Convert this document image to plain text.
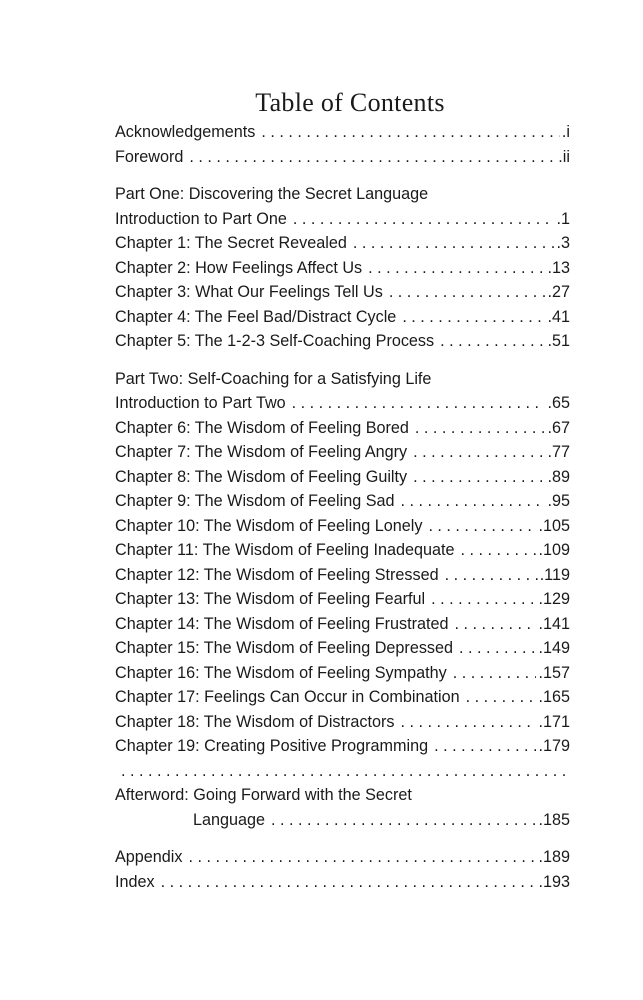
Table of Contents
Acknowledgements . . .	.i
Foreword . . .	.ii
Part One: Discovering the Secret Language
Introduction to Part One . . .	.1
Chapter 1: The Secret Revealed . . .	.3
Chapter 2: How Feelings Affect Us . . .	.13
Chapter 3: What Our Feelings Tell Us . . .	.27
Chapter 4: The Feel Bad/Distract Cycle . . .	.41
Chapter 5: The 1-2-3 Self-Coaching Process . . .	.51
Part Two: Self-Coaching for a Satisfying Life
Introduction to Part Two . . .	.65
Chapter 6: The Wisdom of Feeling Bored . . .	.67
Chapter 7: The Wisdom of Feeling Angry . . .	.77
Chapter 8: The Wisdom of Feeling Guilty . . .	.89
Chapter 9: The Wisdom of Feeling Sad . . .	.95
Chapter 10: The Wisdom of Feeling Lonely . . .	.105
Chapter 11: The Wisdom of Feeling Inadequate . . .	.109
Chapter 12: The Wisdom of Feeling Stressed . . .	.119
Chapter 13: The Wisdom of Feeling Fearful . . .	.129
Chapter 14: The Wisdom of Feeling Frustrated . . .	.141
Chapter 15: The Wisdom of Feeling Depressed . . .	.149
Chapter 16: The Wisdom of Feeling Sympathy . . .	.157
Chapter 17: Feelings Can Occur in Combination . . .	.165
Chapter 18: The Wisdom of Distractors . . .	.171
Chapter 19: Creating Positive Programming . . .	.179
. . .
Afterword: Going Forward with the Secret
Language . . .	.185
Appendix . . .	.189
Index . . .	.193
